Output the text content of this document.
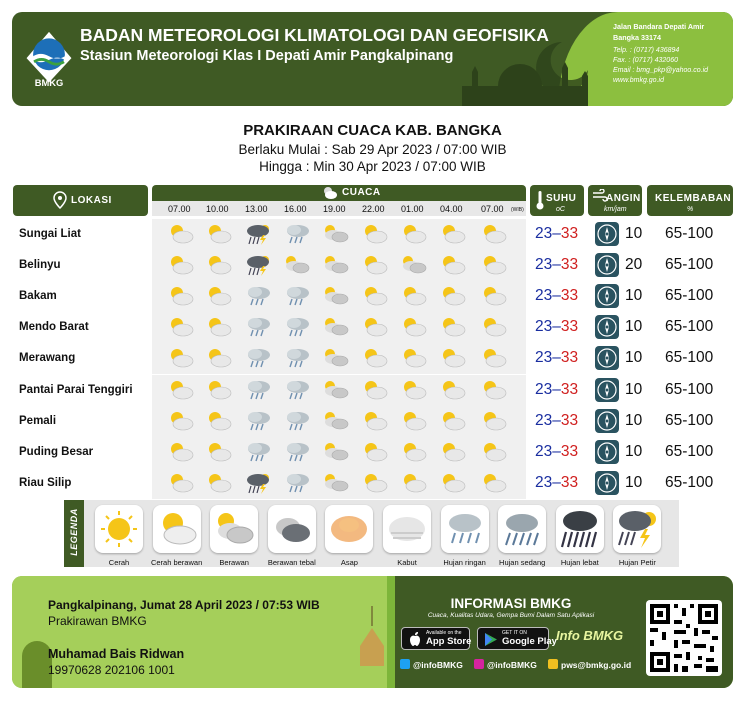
BMKG
BADAN METEOROLOGI KLIMATOLOGI DAN GEOFISIKA
Stasiun Meteorologi Klas I Depati Amir Pangkalpinang
Jalan Bandara Depati Amir
Bangka 33174
Telp. : (0717) 436894
Fax. : (0717) 432060
Email : bmg_pkp@yahoo.co.id
www.bmkg.go.id
PRAKIRAAN CUACA KAB. BANGKA
Berlaku Mulai : Sab 29 Apr 2023 / 07:00 WIB
Hingga : Min 30 Apr 2023 / 07:00 WIB
LOKASI
CUACA
07.00 10.00 13.00 16.00 19.00 22.00 01.00 04.00 07.00 (WIB)
SUHU
oC
ANGIN
km/jam
KELEMBABAN
%
Sungai Liat	23–33	10 65-100
Belinyu	23–33	20 65-100
Bakam	23–33	10 65-100
Mendo Barat	23–33	10 65-100
Merawang	23–33	10 65-100
Pantai Parai Tenggiri	23–33	10 65-100
Pemali	23–33	10 65-100
Puding Besar	23–33	10 65-100
Riau Silip	23–33	10 65-100
LEGENDA
Cerah	Cerah berawan	Berawan	Berawan tebal	Asap	Kabut	Hujan ringan	Hujan sedang	Hujan lebat	Hujan Petir
Pangkalpinang, Jumat 28 April 2023 / 07:53 WIB
Prakirawan BMKG
Muhamad Bais Ridwan
19970628 202106 1001
INFORMASI BMKG
Cuaca, Kualitas Udara, Gempa Bumi Dalam Satu Aplikasi
Available on the
App Store
GET IT ON
Google Play Info BMKG
@infoBMKG	@infoBMKG	pws@bmkg.go.id
